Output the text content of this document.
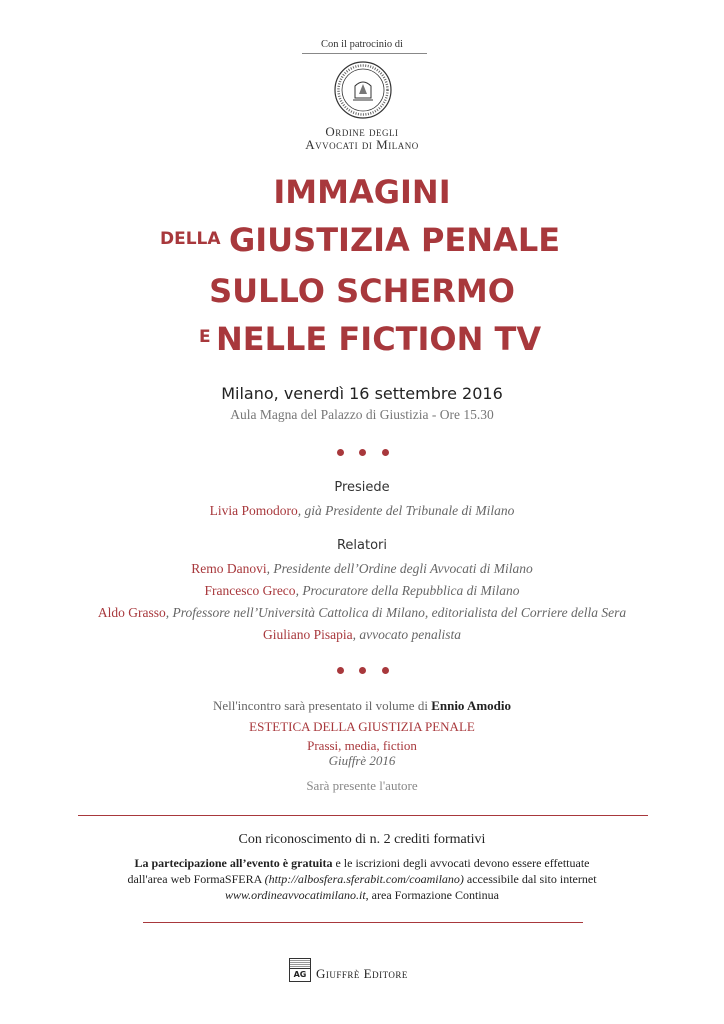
Con il patrocinio di
Ordine degli
Avvocati di Milano
IMMAGINI
DELLA GIUSTIZIA PENALE
SULLO SCHERMO
E NELLE FICTION TV
Milano, venerdì 16 settembre 2016
Aula Magna del Palazzo di Giustizia - Ore 15.30
Presiede
Livia Pomodoro, già Presidente del Tribunale di Milano
Relatori
Remo Danovi, Presidente dell’Ordine degli Avvocati di Milano
Francesco Greco, Procuratore della Repubblica di Milano
Aldo Grasso, Professore nell’Università Cattolica di Milano, editorialista del Corriere della Sera
Giuliano Pisapia, avvocato penalista
Nell'incontro sarà presentato il volume di Ennio Amodio
ESTETICA DELLA GIUSTIZIA PENALE
Prassi, media, fiction
Giuffrè 2016
Sarà presente l'autore
Con riconoscimento di n. 2 crediti formativi
La partecipazione all’evento è gratuita e le iscrizioni degli avvocati devono essere effettuate
dall'area web FormaSFERA (http://albosfera.sferabit.com/coamilano) accessibile dal sito internet
www.ordineavvocatimilano.it, area Formazione Continua
AG Giuffrè Editore
